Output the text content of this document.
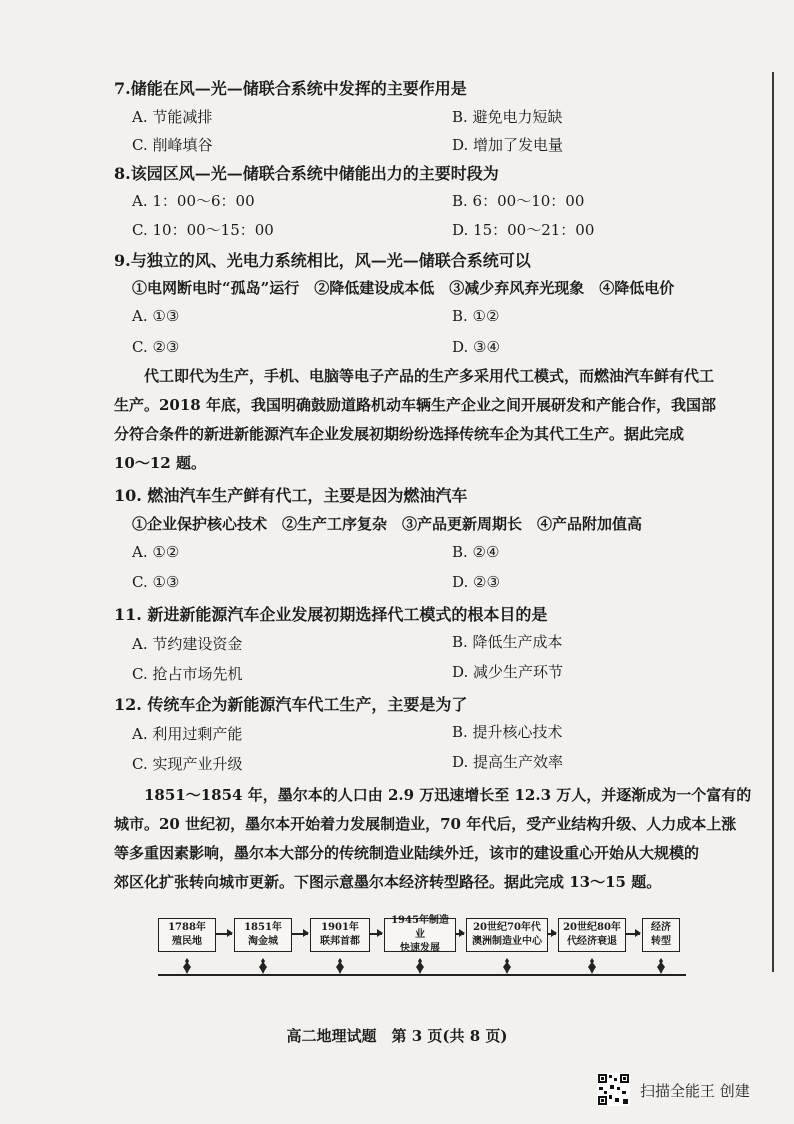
7.储能在风—光—储联合系统中发挥的主要作用是
A. 节能减排	B. 避免电力短缺
C. 削峰填谷	D. 增加了发电量
8.该园区风—光—储联合系统中储能出力的主要时段为
A. 1：00～6：00	B. 6：00～10：00
C. 10：00～15：00	D. 15：00～21：00
9.与独立的风、光电力系统相比，风—光—储联合系统可以
①电网断电时“孤岛”运行　②降低建设成本低　③减少弃风弃光现象　④降低电价
A. ①③	B. ①②
C. ②③	D. ③④
代工即代为生产，手机、电脑等电子产品的生产多采用代工模式，而燃油汽车鲜有代工
生产。2018 年底，我国明确鼓励道路机动车辆生产企业之间开展研发和产能合作，我国部
分符合条件的新进新能源汽车企业发展初期纷纷选择传统车企为其代工生产。据此完成
10～12 题。
10. 燃油汽车生产鲜有代工，主要是因为燃油汽车
①企业保护核心技术　②生产工序复杂　③产品更新周期长　④产品附加值高
A. ①②	B. ②④
C. ①③	D. ②③
11. 新进新能源汽车企业发展初期选择代工模式的根本目的是
A. 节约建设资金	B. 降低生产成本
C. 抢占市场先机	D. 减少生产环节
12. 传统车企为新能源汽车代工生产，主要是为了
A. 利用过剩产能	B. 提升核心技术
C. 实现产业升级	D. 提高生产效率
1851～1854 年，墨尔本的人口由 2.9 万迅速增长至 12.3 万人，并逐渐成为一个富有的
城市。20 世纪初，墨尔本开始着力发展制造业，70 年代后，受产业结构升级、人力成本上涨
等多重因素影响，墨尔本大部分的传统制造业陆续外迁，该市的建设重心开始从大规模的
郊区化扩张转向城市更新。下图示意墨尔本经济转型路径。据此完成 13～15 题。
1788年
殖民地
1851年
淘金城
1901年
联邦首都
1945年制造业
快速发展
20世纪70年代
澳洲制造业中心
20世纪80年
代经济衰退
经济
转型
高二地理试题　第 3 页(共 8 页)
扫描全能王 创建
